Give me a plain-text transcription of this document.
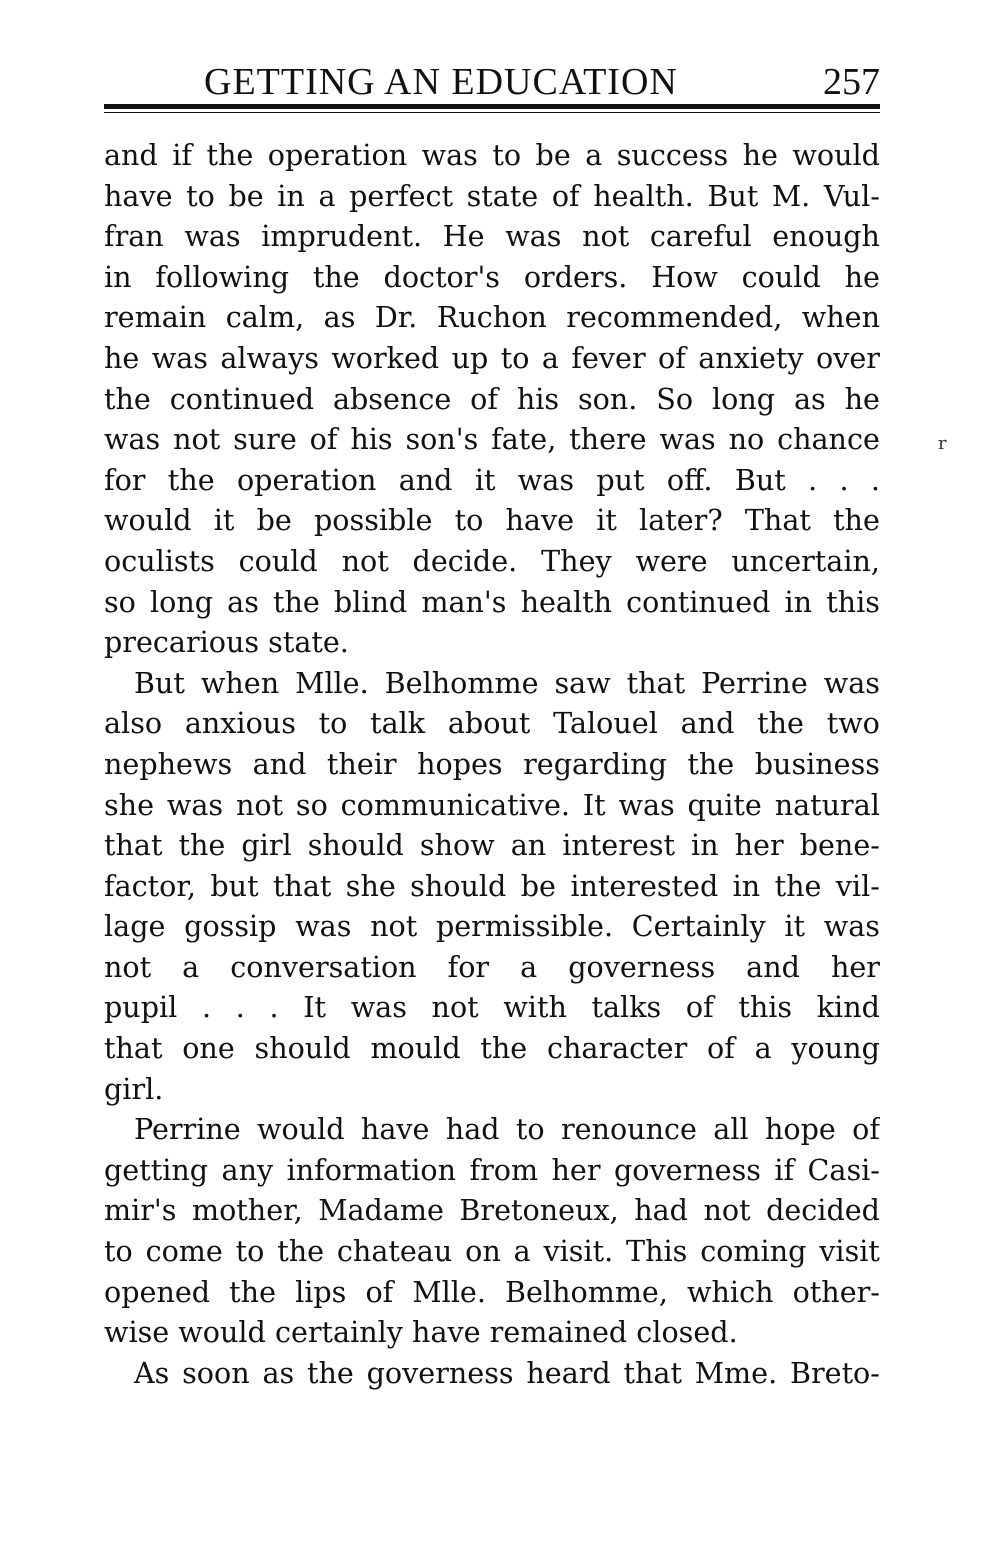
GETTING AN EDUCATION	257
and if the operation was to be a success he would
have to be in a perfect state of health. But M. Vul-
fran was imprudent. He was not careful enough
in following the doctor's orders. How could he
remain calm, as Dr. Ruchon recommended, when
he was always worked up to a fever of anxiety over
the continued absence of his son. So long as he
was not sure of his son's fate, there was no chance
for the operation and it was put off. But . . .
would it be possible to have it later? That the
oculists could not decide. They were uncertain,
so long as the blind man's health continued in this
precarious state.
But when Mlle. Belhomme saw that Perrine was
also anxious to talk about Talouel and the two
nephews and their hopes regarding the business
she was not so communicative. It was quite natural
that the girl should show an interest in her bene-
factor, but that she should be interested in the vil-
lage gossip was not permissible. Certainly it was
not a conversation for a governess and her
pupil . . . It was not with talks of this kind
that one should mould the character of a young
girl.
Perrine would have had to renounce all hope of
getting any information from her governess if Casi-
mir's mother, Madame Bretoneux, had not decided
to come to the chateau on a visit. This coming visit
opened the lips of Mlle. Belhomme, which other-
wise would certainly have remained closed.
As soon as the governess heard that Mme. Breto-
r
